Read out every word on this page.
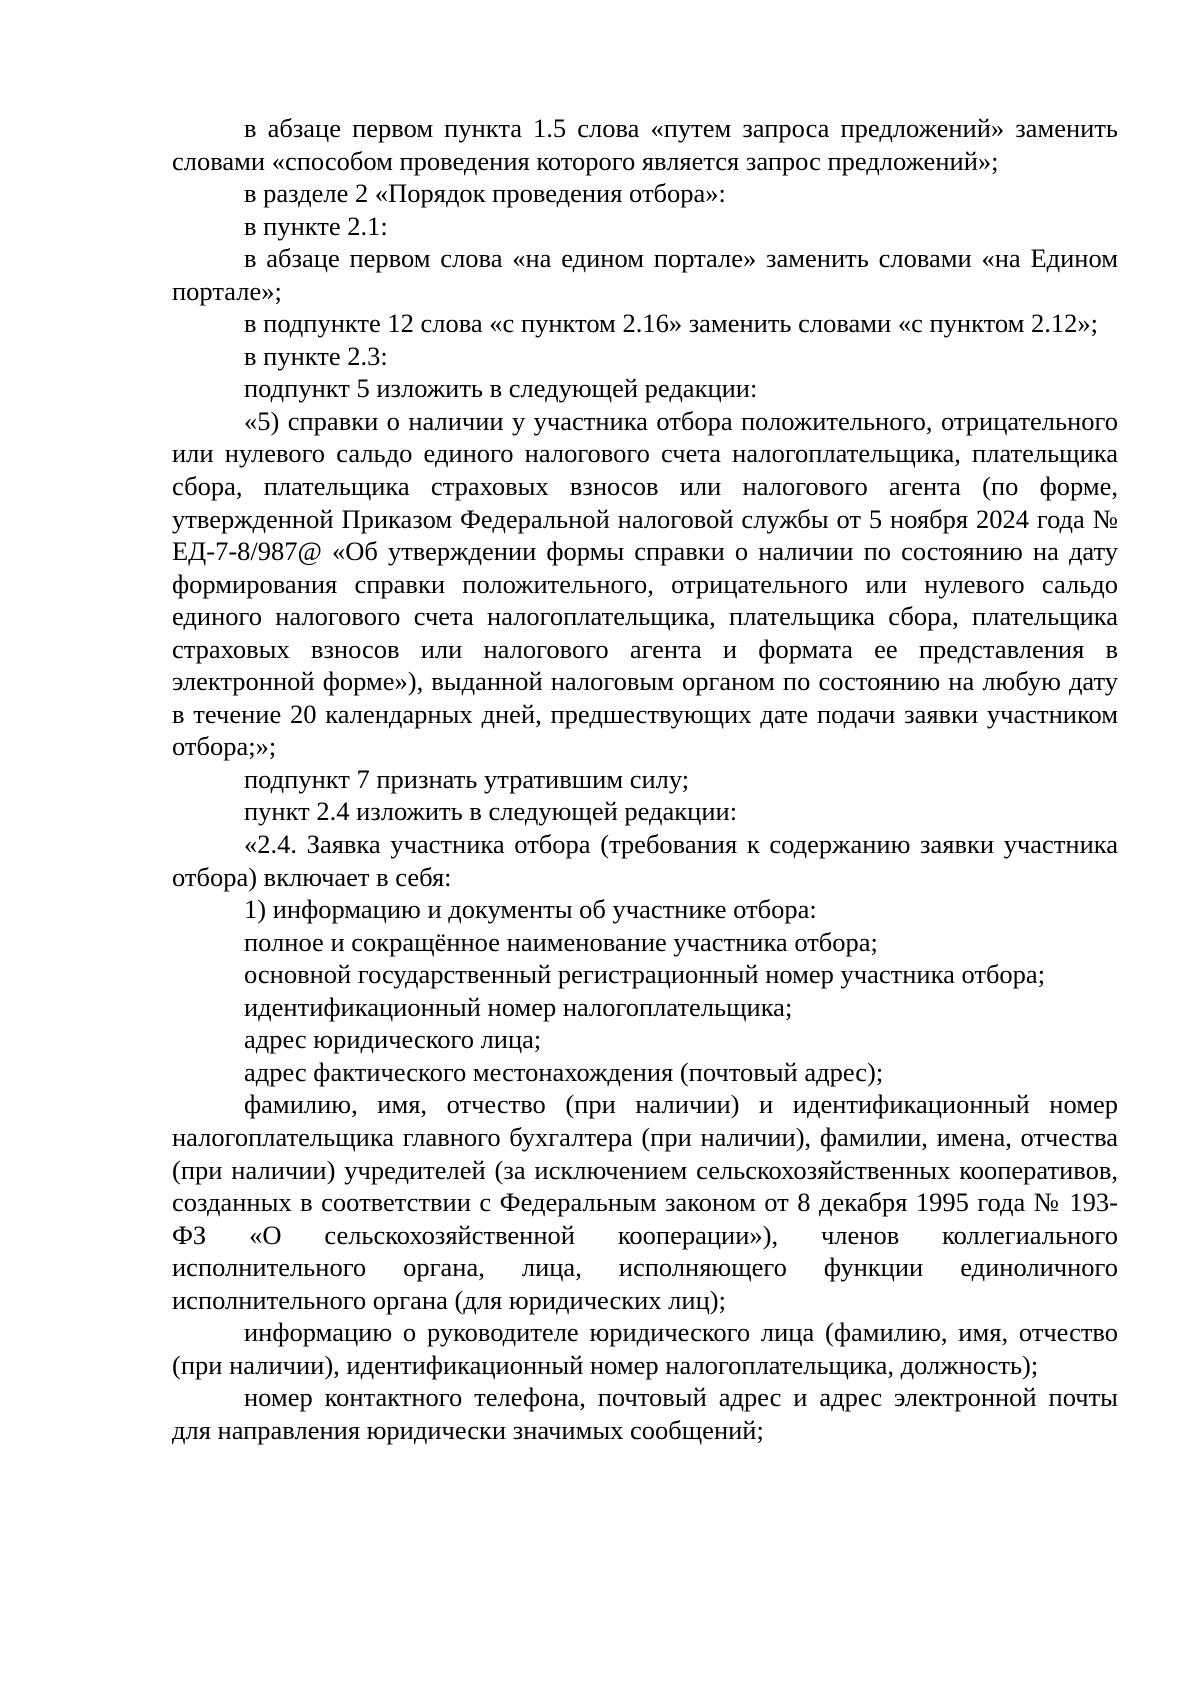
в абзаце первом пункта 1.5 слова «путем запроса предложений» заменить словами «способом проведения которого является запрос предложений»;

в разделе 2 «Порядок проведения отбора»:

в пункте 2.1:

в абзаце первом слова «на едином портале» заменить словами «на Едином портале»;

в подпункте 12 слова «с пунктом 2.16» заменить словами «с пунктом 2.12»;

в пункте 2.3:

подпункт 5 изложить в следующей редакции:

«5) справки о наличии у участника отбора положительного, отрицательного или нулевого сальдо единого налогового счета налогоплательщика, плательщика сбора, плательщика страховых взносов или налогового агента (по форме, утвержденной Приказом Федеральной налоговой службы от 5 ноября 2024 года № ЕД-7-8/987@ «Об утверждении формы справки о наличии по состоянию на дату формирования справки положительного, отрицательного или нулевого сальдо единого налогового счета налогоплательщика, плательщика сбора, плательщика страховых взносов или налогового агента и формата ее представления в электронной форме»), выданной налоговым органом по состоянию на любую дату в течение 20 календарных дней, предшествующих дате подачи заявки участником отбора;»;

подпункт 7 признать утратившим силу;

пункт 2.4 изложить в следующей редакции:

«2.4. Заявка участника отбора (требования к содержанию заявки участника отбора) включает в себя:

1) информацию и документы об участнике отбора:

полное и сокращённое наименование участника отбора;

основной государственный регистрационный номер участника отбора;

идентификационный номер налогоплательщика;

адрес юридического лица;

адрес фактического местонахождения (почтовый адрес);

фамилию, имя, отчество (при наличии) и идентификационный номер налогоплательщика главного бухгалтера (при наличии), фамилии, имена, отчества (при наличии) учредителей (за исключением сельскохозяйственных кооперативов, созданных в соответствии с Федеральным законом от 8 декабря 1995 года № 193-ФЗ «О сельскохозяйственной кооперации»), членов коллегиального исполнительного органа, лица, исполняющего функции единоличного исполнительного органа (для юридических лиц);

информацию о руководителе юридического лица (фамилию, имя, отчество (при наличии), идентификационный номер налогоплательщика, должность);

номер контактного телефона, почтовый адрес и адрес электронной почты для направления юридически значимых сообщений;
